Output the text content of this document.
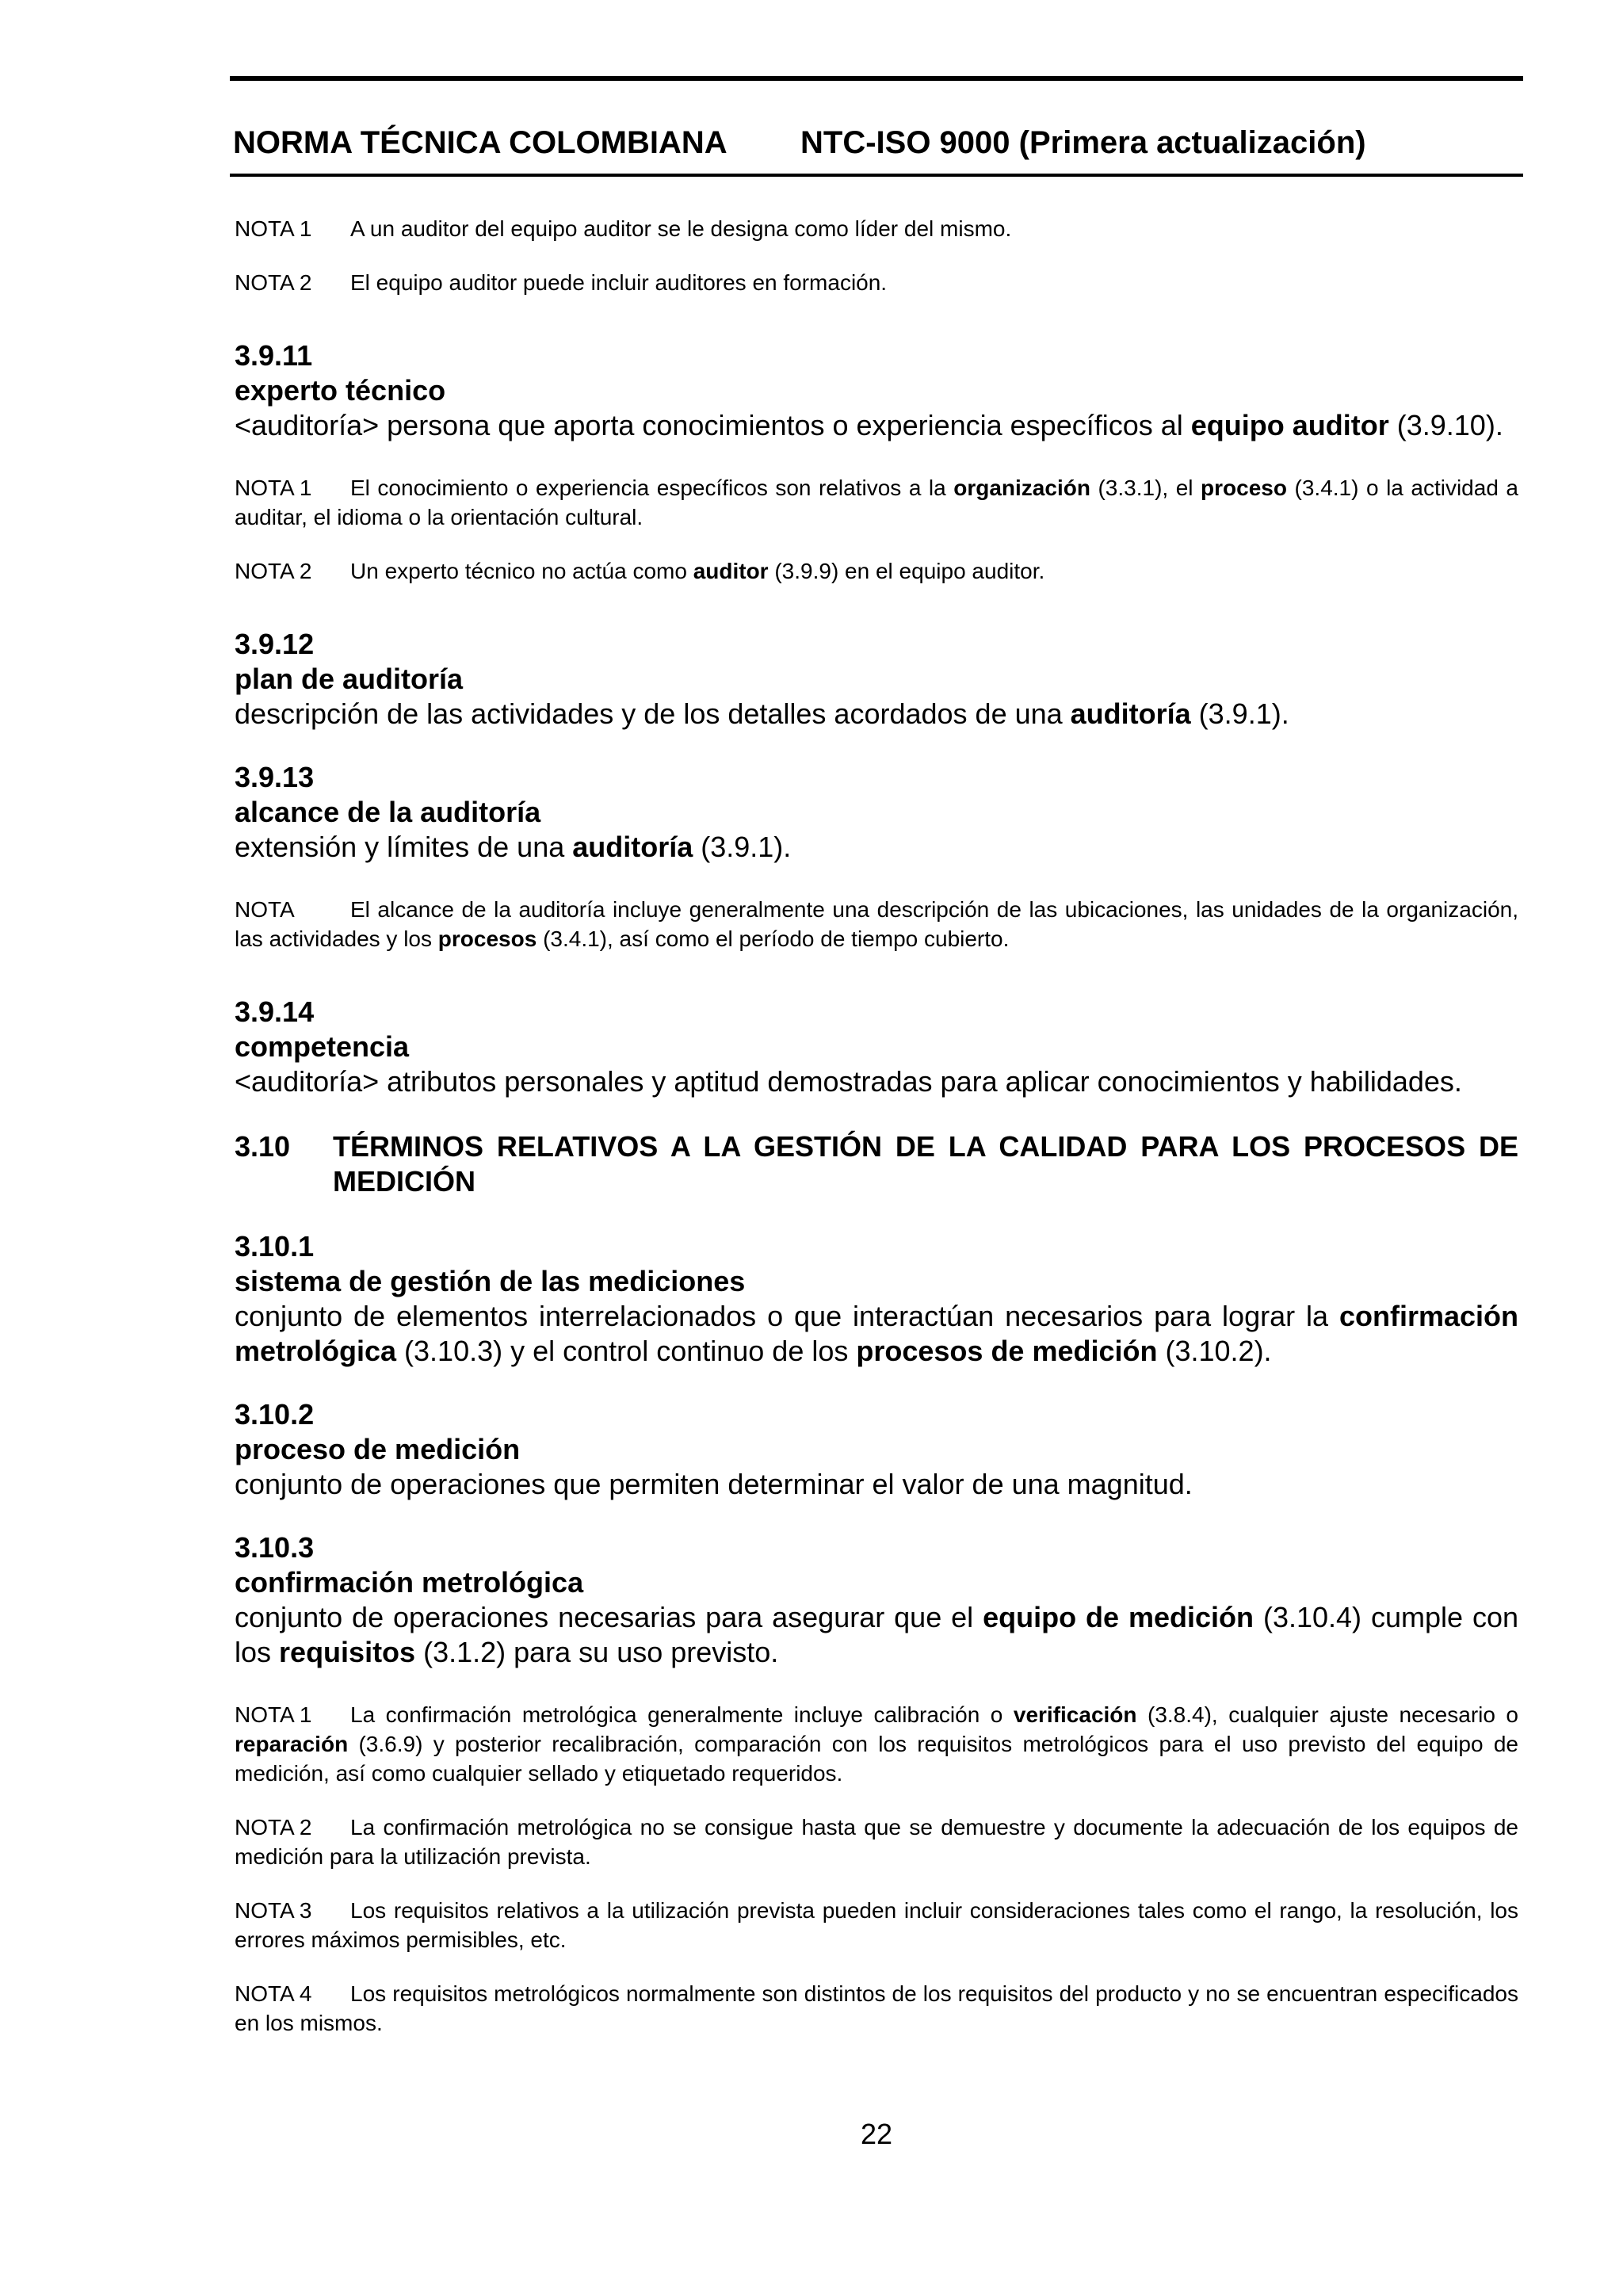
NORMA TÉCNICA COLOMBIANA NTC-ISO 9000 (Primera actualización)

NOTA 1 A un auditor del equipo auditor se le designa como líder del mismo.

NOTA 2 El equipo auditor puede incluir auditores en formación.

3.9.11

experto técnico

<auditoría> persona que aporta conocimientos o experiencia específicos al equipo auditor (3.9.10).

NOTA 1 El conocimiento o experiencia específicos son relativos a la organización (3.3.1), el proceso (3.4.1) o la actividad a auditar, el idioma o la orientación cultural.

NOTA 2 Un experto técnico no actúa como auditor (3.9.9) en el equipo auditor.

3.9.12

plan de auditoría

descripción de las actividades y de los detalles acordados de una auditoría (3.9.1).

3.9.13

alcance de la auditoría

extensión y límites de una auditoría (3.9.1).

NOTA	El alcance de la auditoría incluye generalmente una descripción de las ubicaciones, las unidades de la organización, las actividades y los procesos (3.4.1), así como el período de tiempo cubierto.

3.9.14

competencia

<auditoría> atributos personales y aptitud demostradas para aplicar conocimientos y habilidades.

3.10	TÉRMINOS RELATIVOS A LA GESTIÓN DE LA CALIDAD PARA LOS PROCESOS DE MEDICIÓN

3.10.1

sistema de gestión de las mediciones

conjunto de elementos interrelacionados o que interactúan necesarios para lograr la confirmación metrológica (3.10.3) y el control continuo de los procesos de medición (3.10.2).

3.10.2

proceso de medición

conjunto de operaciones que permiten determinar el valor de una magnitud.

3.10.3

confirmación metrológica

conjunto de operaciones necesarias para asegurar que el equipo de medición (3.10.4) cumple con los requisitos (3.1.2) para su uso previsto.

NOTA 1 La confirmación metrológica generalmente incluye calibración o verificación (3.8.4), cualquier ajuste necesario o reparación (3.6.9) y posterior recalibración, comparación con los requisitos metrológicos para el uso previsto del equipo de medición, así como cualquier sellado y etiquetado requeridos.

NOTA 2 La confirmación metrológica no se consigue hasta que se demuestre y documente la adecuación de los equipos de medición para la utilización prevista.

NOTA 3 Los requisitos relativos a la utilización prevista pueden incluir consideraciones tales como el rango, la resolución, los errores máximos permisibles, etc.

NOTA 4 Los requisitos metrológicos normalmente son distintos de los requisitos del producto y no se encuentran especificados en los mismos.

22
